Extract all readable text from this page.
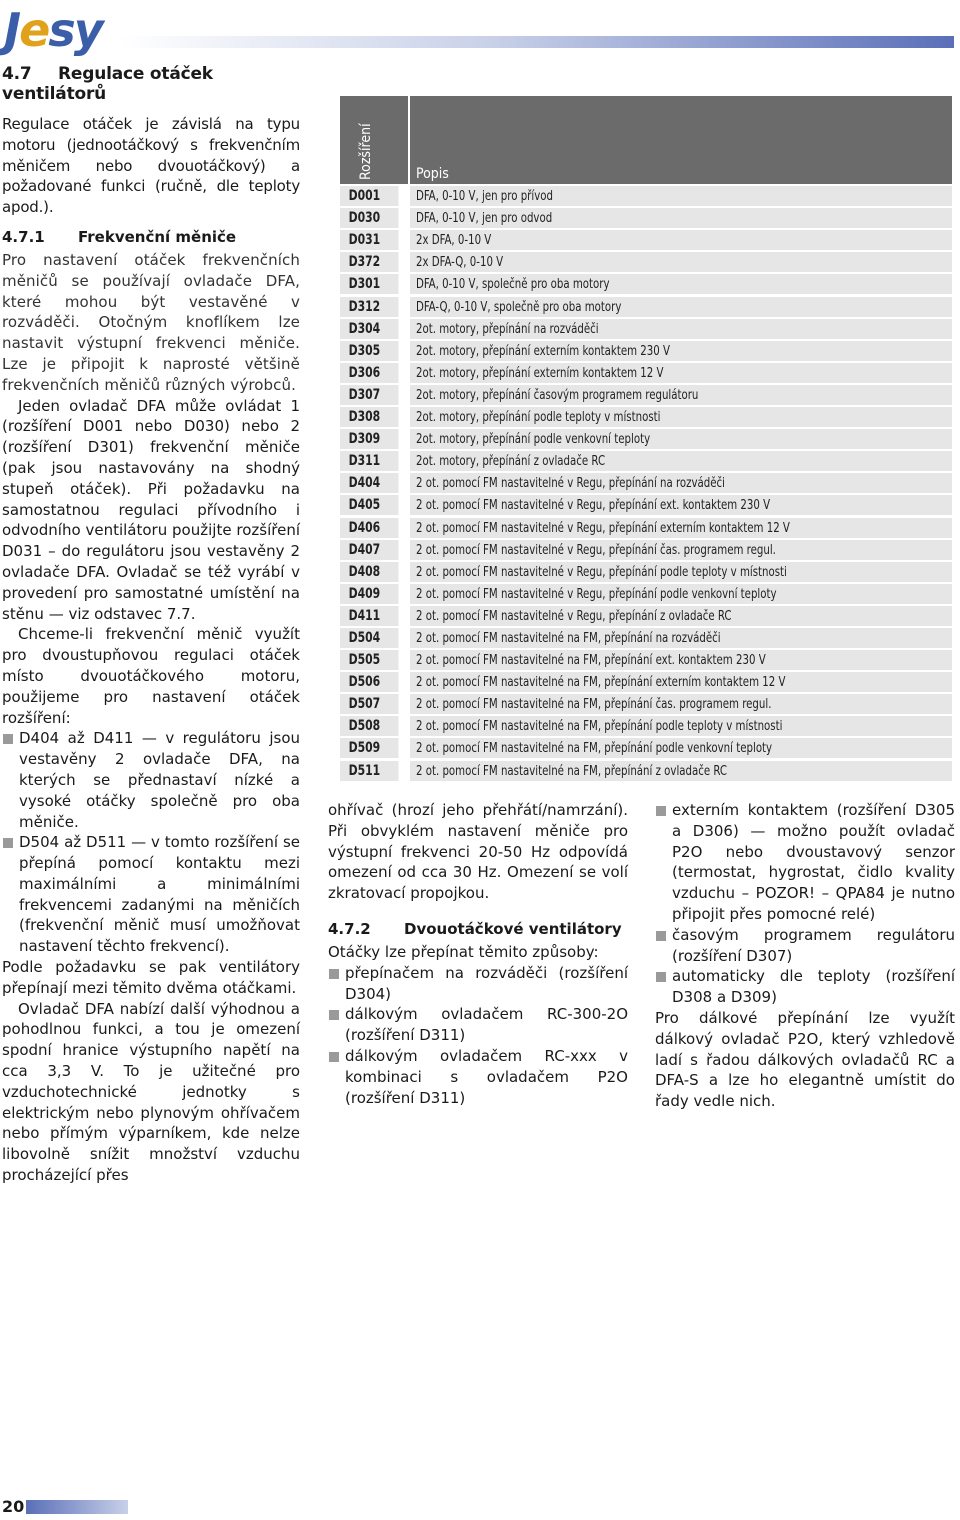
Jesy
4.7 Regulace otáček ventilátorů

Regulace otáček je závislá na typu motoru (jednootáčkový s frekvenčním měničem nebo dvouotáčkový) a požadované funkci (ručně, dle teploty apod.).

4.7.1 Frekvenční měniče

Pro nastavení otáček frekvenčních měničů se používají ovladače DFA, které mohou být vestavěné v rozváděči. Otočným knoflíkem lze nastavit výstupní frekvenci měniče. Lze je připojit k naprosté většině frekvenčních měničů různých výrobců.

Jeden ovladač DFA může ovládat 1 (rozšíření D001 nebo D030) nebo 2 (rozšíření D301) frekvenční měniče (pak jsou nastavovány na shodný stupeň otáček). Při požadavku na samostatnou regulaci přívodního i odvodního ventilátoru použijte rozšíření D031 – do regulátoru jsou vestavěny 2 ovladače DFA. Ovladač se též vyrábí v provedení pro samostatné umístění na stěnu — viz odstavec 7.7.

Chceme-li frekvenční měnič využít pro dvoustupňovou regulaci otáček místo dvouotáčkového motoru, použijeme pro nastavení otáček rozšíření:

D404 až D411 — v regulátoru jsou vestavěny 2 ovladače DFA, na kterých se přednastaví nízké a vysoké otáčky společně pro oba měniče.
D504 až D511 — v tomto rozšíření se přepíná pomocí kontaktu mezi maximálními a minimálními frekvencemi zadanými na měničích (frekvenční měnič musí umožňovat nastavení těchto frekvencí).

Podle požadavku se pak ventilátory přepínají mezi těmito dvěma otáčkami.

Ovladač DFA nabízí další výhodnou a pohodlnou funkci, a tou je omezení spodní hranice výstupního napětí na cca 3,3 V. To je užitečné pro vzduchotechnické jednotky s elektrickým nebo plynovým ohřívačem nebo přímým výparníkem, kde nelze libovolně snížit množství vzduchu procházející přes

Rozšíření	Popis
D001	DFA, 0-10 V, jen pro přívod
D030	DFA, 0-10 V, jen pro odvod
D031	2x DFA, 0-10 V
D372	2x DFA-Q, 0-10 V
D301	DFA, 0-10 V, společně pro oba motory
D312	DFA-Q, 0-10 V, společně pro oba motory
D304	2ot. motory, přepínání na rozváděči
D305	2ot. motory, přepínání externím kontaktem 230 V
D306	2ot. motory, přepínání externím kontaktem 12 V
D307	2ot. motory, přepínání časovým programem regulátoru
D308	2ot. motory, přepínání podle teploty v místnosti
D309	2ot. motory, přepínání podle venkovní teploty
D311	2ot. motory, přepínání z ovladače RC
D404	2 ot. pomocí FM nastavitelné v Regu, přepínání na rozváděči
D405	2 ot. pomocí FM nastavitelné v Regu, přepínání ext. kontaktem 230 V
D406	2 ot. pomocí FM nastavitelné v Regu, přepínání externím kontaktem 12 V
D407	2 ot. pomocí FM nastavitelné v Regu, přepínání čas. programem regul.
D408	2 ot. pomocí FM nastavitelné v Regu, přepínání podle teploty v místnosti
D409	2 ot. pomocí FM nastavitelné v Regu, přepínání podle venkovní teploty
D411	2 ot. pomocí FM nastavitelné v Regu, přepínání z ovladače RC
D504	2 ot. pomocí FM nastavitelné na FM, přepínání na rozváděči
D505	2 ot. pomocí FM nastavitelné na FM, přepínání ext. kontaktem 230 V
D506	2 ot. pomocí FM nastavitelné na FM, přepínání externím kontaktem 12 V
D507	2 ot. pomocí FM nastavitelné na FM, přepínání čas. programem regul.
D508	2 ot. pomocí FM nastavitelné na FM, přepínání podle teploty v místnosti
D509	2 ot. pomocí FM nastavitelné na FM, přepínání podle venkovní teploty
D511	2 ot. pomocí FM nastavitelné na FM, přepínání z ovladače RC

ohřívač (hrozí jeho přehřátí/namrzání). Při obvyklém nastavení měniče pro výstupní frekvenci 20-50 Hz odpovídá omezení od cca 30 Hz. Omezení se volí zkratovací propojkou.

4.7.2 Dvouotáčkové ventilátory

Otáčky lze přepínat těmito způsoby:

přepínačem na rozváděči (rozšíření D304)
dálkovým ovladačem RC-300-2O (rozšíření D311)
dálkovým ovladačem RC-xxx v kombinaci s ovladačem P2O (rozšíření D311)
externím kontaktem (rozšíření D305 a D306) — možno použít ovladač P2O nebo dvoustavový senzor (termostat, hygrostat, čidlo kvality vzduchu – POZOR! – QPA84 je nutno připojit přes pomocné relé)
časovým programem regulátoru (rozšíření D307)
automaticky dle teploty (rozšíření D308 a D309)

Pro dálkové přepínání lze využít dálkový ovladač P2O, který vzhledově ladí s řadou dálkových ovladačů RC a DFA-S a lze ho elegantně umístit do řady vedle nich.

20
